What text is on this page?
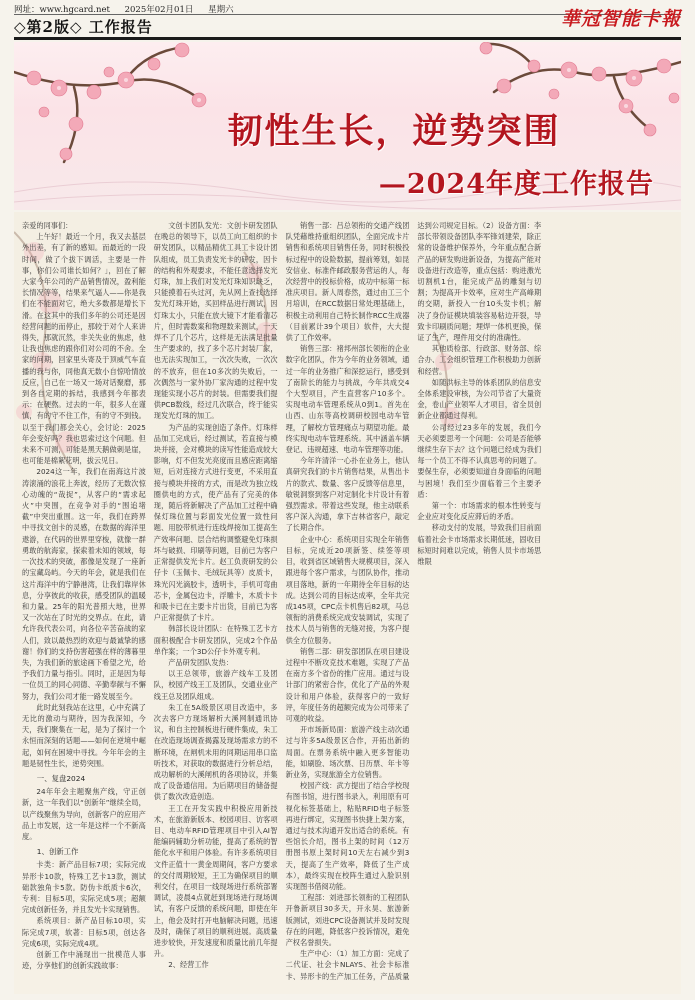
网址：www.hgcard.net 2025年02月01日 星期六
◇第2版◇ 工作报告	華冠智能卡報
韧性生长，逆势突围
—2024年度工作报告

亲爱的同事们：

上午好！最近一个月，我又去基层外出差，有了新的感知。而最近的一段时间，做了个拔下调活，主要是一件事，你们公司谁长如何？」，回在了解大家今年公司的产品销售情况，盈利能长情况等等，结果来气逼人——你是我们在不能面对它，绝大多数都是增长下滑。在这其中的我们多年的公司还是因经营问题的而停止，那较于对个人来讲得失，那就沉然，非关失业的焦虑，他让我也焦虑的跟你们对公司的不舍。全家的问期，回家里头寄及于顶威气车直播的我与你，同他真无数小自惊哈情放反应，自己在一场又一场对话聚磨，那到各自定期的拆结，我感到今年都表示：在硬熬。过去的一年，很多人在谨慎，有的守不住工作，有的守不到钱。以至于我们都会关心，会讨论：2025年会变好吗？我也思索过这个问题。但未来不可测，可能是黑天鹅做刺是崖，也可能是棉絮花明，拔云见日。

2024这一年，我们在南海这片波涛滚涌的浪花上奔波，经历了无数次惊心动魄的“哉捉”，从客户的“需求起火”中突围，在竞争对手的“围追堵截”中突出重围。这一年，我们在跨界中寻找文创卡的灵感，在数据的海洋里遨游，在代码的世界里穿梭，就像一群勇敢的航海家，探索着未知的领域，每一次技术的突破，都像是发现了一座新的宝藏岛屿。今天的年会，就是我们在这片海洋中的宁静港湾，让我们靠岸休息，分享彼此的收获，感受团队的温暖和力量。25年的阳光普照大地，世界又一次站在了时光的交界点。在此，请允许我代表公司，向各位辛苦奋战的家人们，致以最热烈的欢迎与最诚挚的感谢！你们的支持伤害超强在样的薄暮里失，为我们新的旅途画下希望之光，给予我们力量与指引。同时，正是因为每一位员工的同心同德、辛勤奉献与不懈努力，我们公司才能一路发展至今。

此时此刻我站在这里，心中充满了无比的激动与期待，因为我深知，今天，我们聚集在一起，是为了探讨一个永恒而深刻的话题——如何在逆境中崛起，如何在困境中寻找。今年年会的主题是韧性生长，逆势突围。

一、复盘2024

24年年会主题聚焦产线，守正创新，这一年我们以“创新年”继续全局，以产线聚焦为导向，创新客户的应用产品上市发展，这一年是这样一个不新高度。

1、创新工作

卡类：新产品目标7项；实际完成异形卡10款，特殊工艺卡13款，测试础款独角卡5款。防伪卡纸质卡6次，专利：目标5项，实际完成5项；超额完成创新任务，并且发光卡实现销售。

系统项目：新产品目标10项，实际完成7项，软著：目标5项，创达各完成6项，实际完成4项。

创新工作中涌现出一批模范人事迹，分享他们的创新实践故事：

文创卡团队发光：文创卡研发团队在晚总的领导下，以员工向工组织的卡研发团队，以精品精优工具工卡设计团队组成，员工负责发光卡的研发，因卡的结构和外观要求，不能任意选择发光灯珠，加上我们对发光灯珠知识缺乏，只能摸着石头过河，先从网上查找选择发光灯珠开始，买回样品进行测试，因灯珠太小，只能在放大镜下才能看清芯片，但时需数案和物理数来测试，一天焊不了几个芯片，这样是无法满足批量生产要求的，找了多个芯片封装厂家，也无法实现加工，一次次失败，一次次的不放弃，但在10多次的失败后，一次偶然与一家外协厂家沟通的过程中发现能实现小芯片的封装。但需要我们提供PCB数线，经过几次联合，终于能实现发光灯珠的加工。

为产品的实现创造了条件。灯珠样品加工完成后，经过测试，若直接与模块并接，会对模块的读写性能造成较大影响，灯不但发光亮度而且感应距离缩短，后对连接方式进行变更，不采用直接与模块并接的方式，而是改为独立线圈供电的方式，使产品有了完美的体现，随后将新解决了产品加工过程中确保灯珠位置与彩面发光位置一致性问题、用胶带机进行连线焊接加工提高生产效率问题、层合结构调整避免灯珠损坏与破损、印刷等问题，目前已为客户正常提供发光卡片。赵工负责研发的公仔卡（玉佩卡、毛绒玩具等）皮质卡，珠光闪光滴胶卡，透明卡，手机可弯曲芯卡，金属包边卡，浮雕卡，木质卡卡和吸卡已在主要卡片出货，目前已为客户正常提供了卡片。

韩部长设计团队：在特殊工艺卡方面积极配合卡研发团队，完成2个作品单作案；一个3D公仔卡外观专利。

产品研发团队发热：

以王总领带，旅游产线车工及团队，校园产线王工及团队，交通业业产线王总及团队组成。

朱工在5A级景区项目改造中，多次去客户方现场解析大溪网制通讯协议，和自主控制板进行硬件集成，朱工在改造现场调查揭露及现场需求方的不断环境，在闸机未用的同期运用串口监听技术，对获取的数据进行分析总结，成功解析的大溪闸机的各项协议，并集成了设备通信用。为后期项目的储备提供了数次改造创造。

王工在开发实践中积极应用新技术，在旅游新版本、校园项目、访客项目、电动车RFID管理项目中引入AI智能编码辅助分析功能，提高了系统的智能化水平和用户体验。有许多系统项目文件正值十一黄金周期间，客户方要求的交付周期较短，王工为确保项目的顺利交付，在项目一线现场进行系统部署调试，凌晨4点就赶到现场进行现场调试，有客户反馈的系统问题，即使在年上，他会及时打开电脑解决问题，迅速及时，确保了项目的顺利进展。高质量进步较快，开发速度和质量比前几年提升。

2、经营工作

销售一部：吕总领衔的交通产线团队凭藉维持重组织团队，全面完成卡片销售和系统项目销售任务，同时积极投标过程中的设险数据，提前筹划，如昆安信业、标准件邮政服务营运的人，每次经营中的投标价格，成功中标第一标准庆项目。新人周春然，通过由工三个月培训，在RCC数据日常处理基础上，积极主动利用自己特长制作RCC生成器（目前累计39个项目）软件，大大提供了工作效率。

销售三部：褚邦州部长领衔的企业数字化团队，作为今年的业务领域，通过一年的业务推广和深挖运行，感受到了南阶长的能力与挑战，今年共成交4个大型项目，产生直营客户10多个。实现电动车管理系统从0到1。首先在山西、山东等高校调研校园电动车管理，了解校方管理痛点与期望功能。最终实现电动车管理系统。其中涵盖车辆登记、违规超速、电动车管理等功能。

今年许清洋一心扑在业务上，他认真研究我们的卡片销售结果，从售出卡片的款式、数量、客户反馈等信息里，敏锐洞察到客户对定制化卡片设计有着强烈需求。带着这些发现，他主动联系客户深入沟通，拿下吉林省客户，敲定了长期合作。

企业中心：系统项目实现全年销售目标，完成近20项新签、续签等项目，收到省区域销售大规模项目，深入跟进每个客户需求，与团队协作，推动项目落地，新的一年期待全年目标的达成。达到公司的目标达成率，全年共完成145项，CPC点卡机售后82项，马总领衔的消费系统完成安装调试，实现了技术人员与销售的无缝对接，为客户提供全方位服务。

销售二部：研发部团队在项目建设过程中不断攻克技术难题，实现了产品在南方多个省份的推广应用。通过与设计部门的紧密合作，优化了产品的外观设计和用户体验，获得客户的一致好评，年度任务的超额完成为公司带来了可观的收益。

开市场新局面：旅游产线主动次通过与许多5A级景区合作，开拓出新的局面。在票务系统中融入更多智能功能，如刷脸、场次票、日历票、年卡等新业务，实现旅游全方位销售。

校园产线：武方提出了结合学校现有图书馆，进行图书录入，利用原有可视化标签基础上，粘贴RFID电子标签再进行绑定，实现图书快捷上架方案，通过与技术沟通开发出适合的系统。有些馆长介绍，图书上架的时间（12万册图书原上架时间10天左右减少到3天，提高了生产效率，降低了生产成本），最终实现在校阵生通过入脸识别实现图书借阅功能。

工程部：刘进部长领衔的工程团队开鲁新项目30多天，开永昊、旅游新版测试，刘进CPC设备测试并及时发现存在的问题，降低客户投诉情况，避免产权名誉损失。

生产中心：（1）加工方面：完成了二代证、社会卡NLAYS、社会卡标准卡、异形卡的生产加工任务，产品质量达到公司规定目标。（2）设备方面：李部长带领设备团队李军锋刘建荣，除正常的设备维护保养外，今年重点配合新产品的研发购进新设备，为提高产能对设备进行改造等，重点包括：购进激光切割机1台，能完成产品的雕刻与切割；为提高开卡效率，应对生产高峰期的交期，新投入一台10头发卡机；解决了身份证模块填装容易粘边开裂，导致卡印刷质问题；埋焊一体机更换，保证了生产，理件用交付的准确性。

其他质检部、行政部、财务部、综合办、工会组织管理工作积极助力创新和经营。

如随洪标主导的体系团队的信息安全体系建设审核，为公司节省了大量资金，卷山产业领军人才项目，省全员创新企业都通过得利。

公司经过23多年的发展，我们今天必须要思考一个问题：公司是否能够继续生存下去？这个问题已经成为我们每一个员工不得不认真思考的问题了。要保生存，必须要知道自身面临的问题与困境！我们至少面临着三个主要矛盾：

第一个：市场需求的根本性转变与企业应对变化反应滞后的矛盾。

移动支付的发展，导致我们目前面临着社会卡市场需求长期低迷，固收目标短时间难以完成，销售人员卡市场思维限
